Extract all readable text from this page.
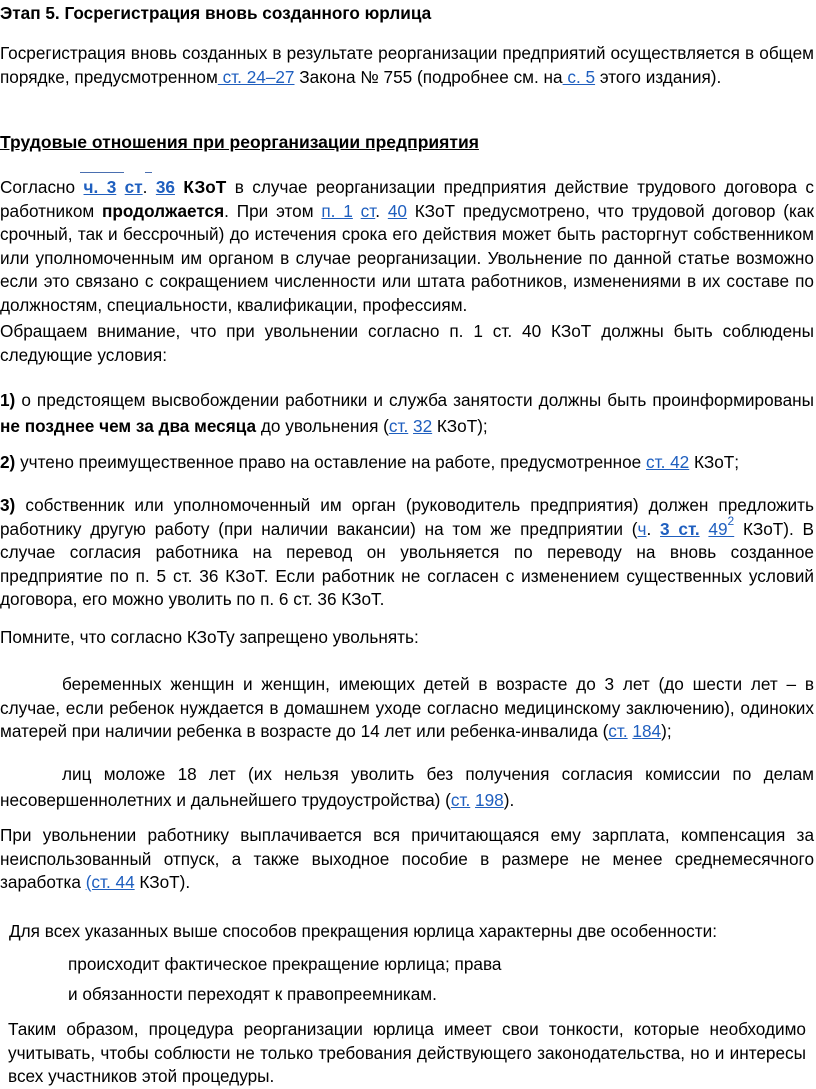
Этап 5. Госрегистрация вновь созданного юрлица

Госрегистрация вновь созданных в результате реорганизации предприятий осуществляется в общем порядке, предусмотренном ст. 24–27 Закона № 755 (подробнее см. на с. 5 этого издания).

Трудовые отношения при реорганизации предприятия

Согласно ч. 3 ст. 36 КЗоТ в случае реорганизации предприятия действие трудового договора с работником продолжается. При этом п. 1 ст. 40 КЗоТ предусмотрено, что трудовой договор (как срочный, так и бессрочный) до истечения срока его действия может быть расторгнут собственником или уполномоченным им органом в случае реорганизации. Увольнение по данной статье возможно если это связано с сокращением численности или штата работников, изменениями в их составе по должностям, специальности, квалификации, профессиям.

Обращаем внимание, что при увольнении согласно п. 1 ст. 40 КЗоТ должны быть соблюдены следующие условия:

1) о предстоящем высвобождении работники и служба занятости должны быть проинформированы не позднее чем за два месяца до увольнения (ст. 32 КЗоТ);

2) учтено преимущественное право на оставление на работе, предусмотренное ст. 42 КЗоТ;

3) собственник или уполномоченный им орган (руководитель предприятия) должен предложить работнику другую работу (при наличии вакансии) на том же предприятии (ч. 3 ст. 49$^2$ КЗоТ). В случае согласия работника на перевод он увольняется по переводу на вновь созданное предприятие по п. 5 ст. 36 КЗоТ. Если работник не согласен с изменением существенных условий договора, его можно уволить по п. 6 ст. 36 КЗоТ.

Помните, что согласно КЗоТу запрещено увольнять:

беременных женщин и женщин, имеющих детей в возрасте до 3 лет (до шести лет – в случае, если ребенок нуждается в домашнем уходе согласно медицинскому заключению), одиноких матерей при наличии ребенка в возрасте до 14 лет или ребенка-инвалида (ст. 184);

лиц моложе 18 лет (их нельзя уволить без получения согласия комиссии по делам несовершеннолетних и дальнейшего трудоустройства) (ст. 198).

При увольнении работнику выплачивается вся причитающаяся ему зарплата, компенсация за неиспользованный отпуск, а также выходное пособие в размере не менее среднемесячного заработка (ст. 44 КЗоТ).

Для всех указанных выше способов прекращения юрлица характерны две особенности:

происходит фактическое прекращение юрлица; права

и обязанности переходят к правопреемникам.

Таким образом, процедура реорганизации юрлица имеет свои тонкости, которые необходимо учитывать, чтобы соблюсти не только требования действующего законодательства, но и интересы всех участников этой процедуры.
